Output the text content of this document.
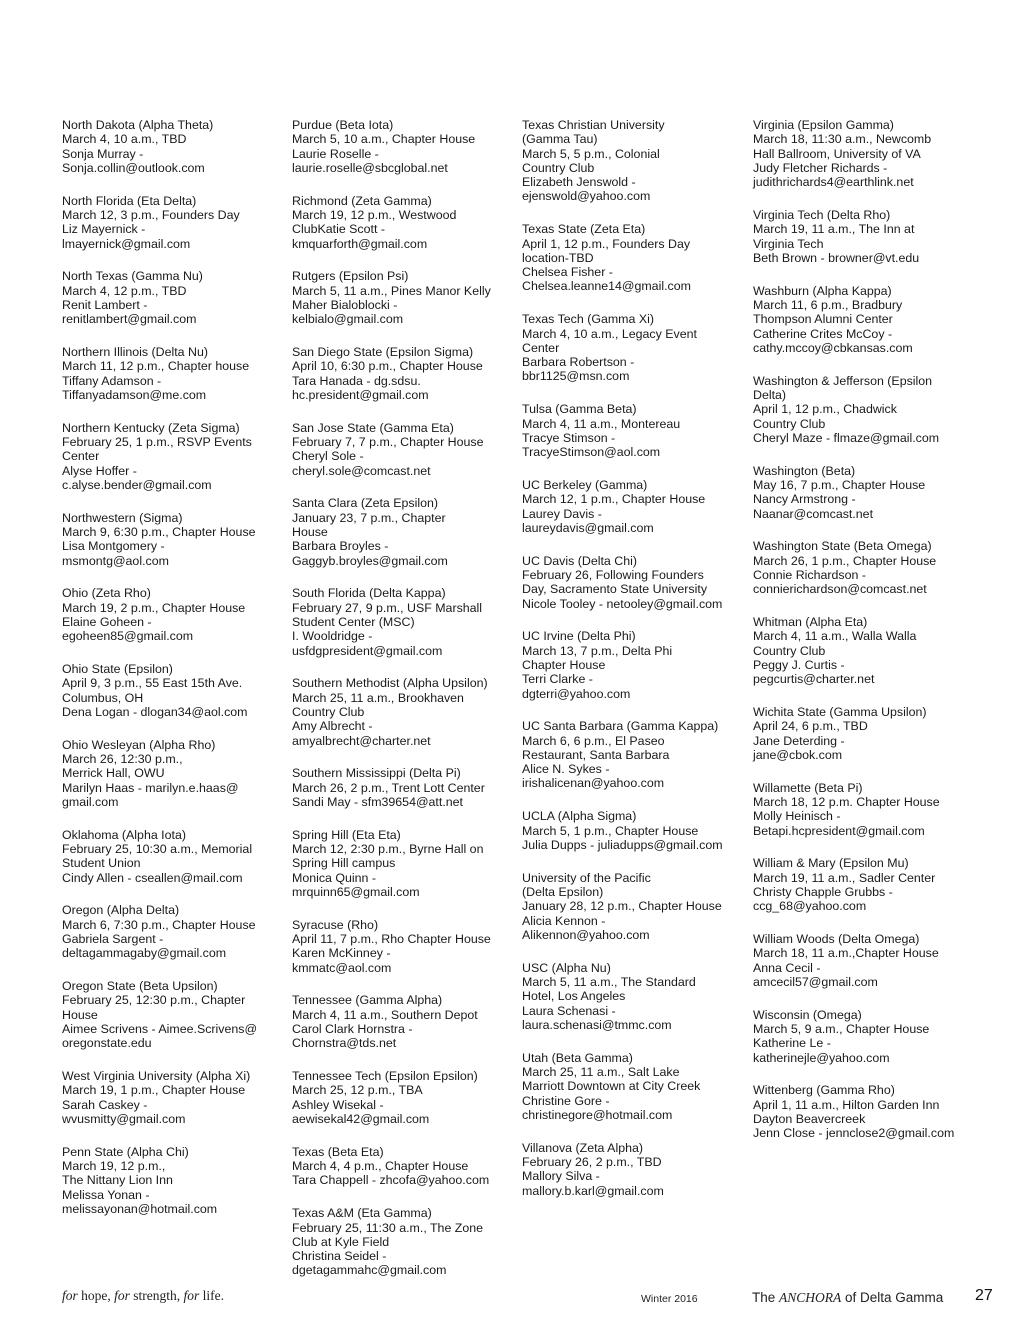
North Dakota (Alpha Theta)
March 4, 10 a.m., TBD
Sonja Murray -
Sonja.collin@outlook.com
North Florida (Eta Delta)
March 12, 3 p.m., Founders Day
Liz Mayernick -
lmayernick@gmail.com
North Texas (Gamma Nu)
March 4, 12 p.m., TBD
Renit Lambert -
renitlambert@gmail.com
Northern Illinois (Delta Nu)
March 11, 12 p.m., Chapter house
Tiffany Adamson -
Tiffanyadamson@me.com
Northern Kentucky (Zeta Sigma)
February 25, 1 p.m., RSVP Events
Center
Alyse Hoffer -
c.alyse.bender@gmail.com
Northwestern (Sigma)
March 9, 6:30 p.m., Chapter House
Lisa Montgomery -
msmontg@aol.com
Ohio (Zeta Rho)
March 19, 2 p.m., Chapter House
Elaine Goheen -
egoheen85@gmail.com
Ohio State (Epsilon)
April 9, 3 p.m., 55 East 15th Ave.
Columbus, OH
Dena Logan - dlogan34@aol.com
Ohio Wesleyan (Alpha Rho)
March 26, 12:30 p.m.,
Merrick Hall, OWU
Marilyn Haas - marilyn.e.haas@
gmail.com
Oklahoma (Alpha Iota)
February 25, 10:30 a.m., Memorial
Student Union
Cindy Allen - cseallen@mail.com
Oregon (Alpha Delta)
March 6, 7:30 p.m., Chapter House
Gabriela Sargent -
deltagammagaby@gmail.com
Oregon State (Beta Upsilon)
February 25, 12:30 p.m., Chapter
House
Aimee Scrivens - Aimee.Scrivens@
oregonstate.edu
West Virginia University (Alpha Xi)
March 19, 1 p.m., Chapter House
Sarah Caskey -
wvusmitty@gmail.com
Penn State (Alpha Chi)
March 19, 12 p.m.,
The Nittany Lion Inn
Melissa Yonan -
melissayonan@hotmail.com
Purdue (Beta Iota)
March 5, 10 a.m., Chapter House
Laurie Roselle -
laurie.roselle@sbcglobal.net
Richmond (Zeta Gamma)
March 19, 12 p.m., Westwood
ClubKatie Scott -
kmquarforth@gmail.com
Rutgers (Epsilon Psi)
March 5, 11 a.m., Pines Manor Kelly
Maher Bialoblocki -
kelbialo@gmail.com
San Diego State (Epsilon Sigma)
April 10, 6:30 p.m., Chapter House
Tara Hanada - dg.sdsu.
hc.president@gmail.com
San Jose State (Gamma Eta)
February 7, 7 p.m., Chapter House
Cheryl Sole -
cheryl.sole@comcast.net
Santa Clara (Zeta Epsilon)
January 23, 7 p.m., Chapter
House
Barbara Broyles -
Gaggyb.broyles@gmail.com
South Florida (Delta Kappa)
February 27, 9 p.m., USF Marshall
Student Center (MSC)
I. Wooldridge -
usfdgpresident@gmail.com
Southern Methodist (Alpha Upsilon)
March 25, 11 a.m., Brookhaven
Country Club
Amy Albrecht -
amyalbrecht@charter.net
Southern Mississippi (Delta Pi)
March 26, 2 p.m., Trent Lott Center
Sandi May - sfm39654@att.net
Spring Hill (Eta Eta)
March 12, 2:30 p.m., Byrne Hall on
Spring Hill campus
Monica Quinn -
mrquinn65@gmail.com
Syracuse (Rho)
April 11, 7 p.m., Rho Chapter House
Karen McKinney -
kmmatc@aol.com
Tennessee (Gamma Alpha)
March 4, 11 a.m., Southern Depot
Carol Clark Hornstra -
Chornstra@tds.net
Tennessee Tech (Epsilon Epsilon)
March 25, 12 p.m., TBA
Ashley Wisekal -
aewisekal42@gmail.com
Texas (Beta Eta)
March 4, 4 p.m., Chapter House
Tara Chappell - zhcofa@yahoo.com
Texas A&M (Eta Gamma)
February 25, 11:30 a.m., The Zone
Club at Kyle Field
Christina Seidel -
dgetagammahc@gmail.com
Texas Christian University
(Gamma Tau)
March 5, 5 p.m., Colonial
Country Club
Elizabeth Jenswold -
ejenswold@yahoo.com
Texas State (Zeta Eta)
April 1, 12 p.m., Founders Day
location-TBD
Chelsea Fisher -
Chelsea.leanne14@gmail.com
Texas Tech (Gamma Xi)
March 4, 10 a.m., Legacy Event
Center
Barbara Robertson -
bbr1125@msn.com
Tulsa (Gamma Beta)
March 4, 11 a.m., Montereau
Tracye Stimson -
TracyeStimson@aol.com
UC Berkeley (Gamma)
March 12, 1 p.m., Chapter House
Laurey Davis -
laureydavis@gmail.com
UC Davis (Delta Chi)
February 26, Following Founders
Day, Sacramento State University
Nicole Tooley - netooley@gmail.com
UC Irvine (Delta Phi)
March 13, 7 p.m., Delta Phi
Chapter House
Terri Clarke -
dgterri@yahoo.com
UC Santa Barbara (Gamma Kappa)
March 6, 6 p.m., El Paseo
Restaurant, Santa Barbara
Alice N. Sykes -
irishalicenan@yahoo.com
UCLA (Alpha Sigma)
March 5, 1 p.m., Chapter House
Julia Dupps - juliadupps@gmail.com
University of the Pacific
(Delta Epsilon)
January 28, 12 p.m., Chapter House
Alicia Kennon -
Alikennon@yahoo.com
USC (Alpha Nu)
March 5, 11 a.m., The Standard
Hotel, Los Angeles
Laura Schenasi -
laura.schenasi@tmmc.com
Utah (Beta Gamma)
March 25, 11 a.m., Salt Lake
Marriott Downtown at City Creek
Christine Gore -
christinegore@hotmail.com
Villanova (Zeta Alpha)
February 26, 2 p.m., TBD
Mallory Silva -
mallory.b.karl@gmail.com
Virginia (Epsilon Gamma)
March 18, 11:30 a.m., Newcomb
Hall Ballroom, University of VA
Judy Fletcher Richards -
judithrichards4@earthlink.net
Virginia Tech (Delta Rho)
March 19, 11 a.m., The Inn at
Virginia Tech
Beth Brown - browner@vt.edu
Washburn (Alpha Kappa)
March 11, 6 p.m., Bradbury
Thompson Alumni Center
Catherine Crites McCoy -
cathy.mccoy@cbkansas.com
Washington & Jefferson (Epsilon
Delta)
April 1, 12 p.m., Chadwick
Country Club
Cheryl Maze - flmaze@gmail.com
Washington (Beta)
May 16, 7 p.m., Chapter House
Nancy Armstrong -
Naanar@comcast.net
Washington State (Beta Omega)
March 26, 1 p.m., Chapter House
Connie Richardson -
connierichardson@comcast.net
Whitman (Alpha Eta)
March 4, 11 a.m., Walla Walla
Country Club
Peggy J. Curtis -
pegcurtis@charter.net
Wichita State (Gamma Upsilon)
April 24, 6 p.m., TBD
Jane Deterding -
jane@cbok.com
Willamette (Beta Pi)
March 18, 12 p.m. Chapter House
Molly Heinisch -
Betapi.hcpresident@gmail.com
William & Mary (Epsilon Mu)
March 19, 11 a.m., Sadler Center
Christy Chapple Grubbs -
ccg_68@yahoo.com
William Woods (Delta Omega)
March 18, 11 a.m.,Chapter House
Anna Cecil -
amcecil57@gmail.com
Wisconsin (Omega)
March 5, 9 a.m., Chapter House
Katherine Le -
katherinejle@yahoo.com
Wittenberg (Gamma Rho)
April 1, 11 a.m., Hilton Garden Inn
Dayton Beavercreek
Jenn Close - jennclose2@gmail.com
for hope, for strength, for life.	Winter 2016	The ANCHORA of Delta Gamma 27
